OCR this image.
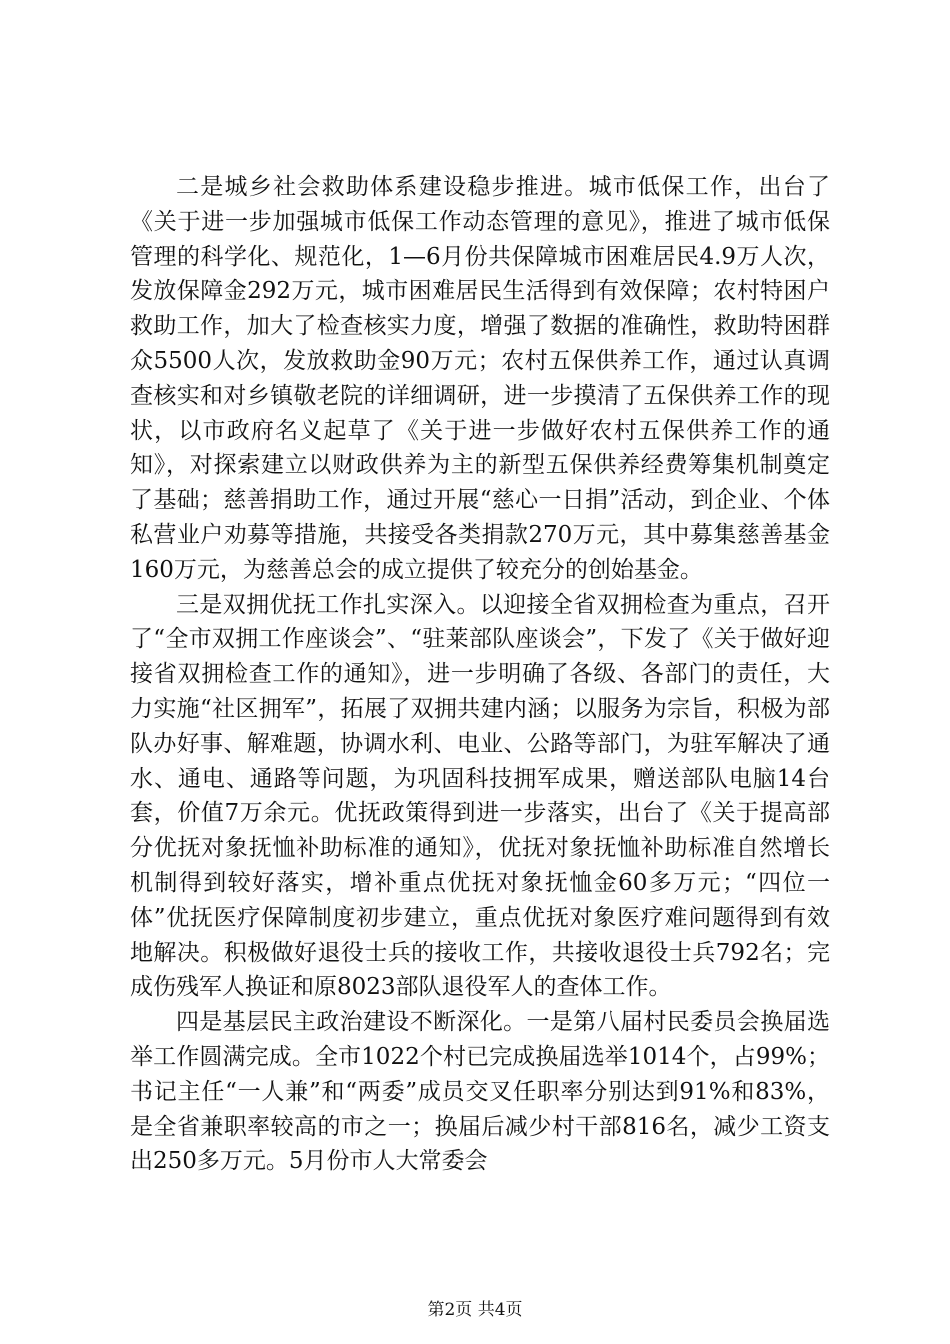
二是城乡社会救助体系建设稳步推进。城市低保工作，出台了《关于进一步加强城市低保工作动态管理的意见》，推进了城市低保管理的科学化、规范化，1—6月份共保障城市困难居民4.9万人次，发放保障金292万元，城市困难居民生活得到有效保障；农村特困户救助工作，加大了检查核实力度，增强了数据的准确性，救助特困群众5500人次，发放救助金90万元；农村五保供养工作，通过认真调查核实和对乡镇敬老院的详细调研，进一步摸清了五保供养工作的现状，以市政府名义起草了《关于进一步做好农村五保供养工作的通知》，对探索建立以财政供养为主的新型五保供养经费筹集机制奠定了基础；慈善捐助工作，通过开展“慈心一日捐”活动，到企业、个体私营业户劝募等措施，共接受各类捐款270万元，其中募集慈善基金160万元，为慈善总会的成立提供了较充分的创始基金。

三是双拥优抚工作扎实深入。以迎接全省双拥检查为重点，召开了“全市双拥工作座谈会”、“驻莱部队座谈会”，下发了《关于做好迎接省双拥检查工作的通知》，进一步明确了各级、各部门的责任，大力实施“社区拥军”，拓展了双拥共建内涵；以服务为宗旨，积极为部队办好事、解难题，协调水利、电业、公路等部门，为驻军解决了通水、通电、通路等问题，为巩固科技拥军成果，赠送部队电脑14台套，价值7万余元。优抚政策得到进一步落实，出台了《关于提高部分优抚对象抚恤补助标准的通知》，优抚对象抚恤补助标准自然增长机制得到较好落实，增补重点优抚对象抚恤金60多万元；“四位一体”优抚医疗保障制度初步建立，重点优抚对象医疗难问题得到有效地解决。积极做好退役士兵的接收工作，共接收退役士兵792名；完成伤残军人换证和原8023部队退役军人的查体工作。

四是基层民主政治建设不断深化。一是第八届村民委员会换届选举工作圆满完成。全市1022个村已完成换届选举1014个，占99%；书记主任“一人兼”和“两委”成员交叉任职率分别达到91%和83%，是全省兼职率较高的市之一；换届后减少村干部816名，减少工资支出250多万元。5月份市人大常委会

第2页 共4页
